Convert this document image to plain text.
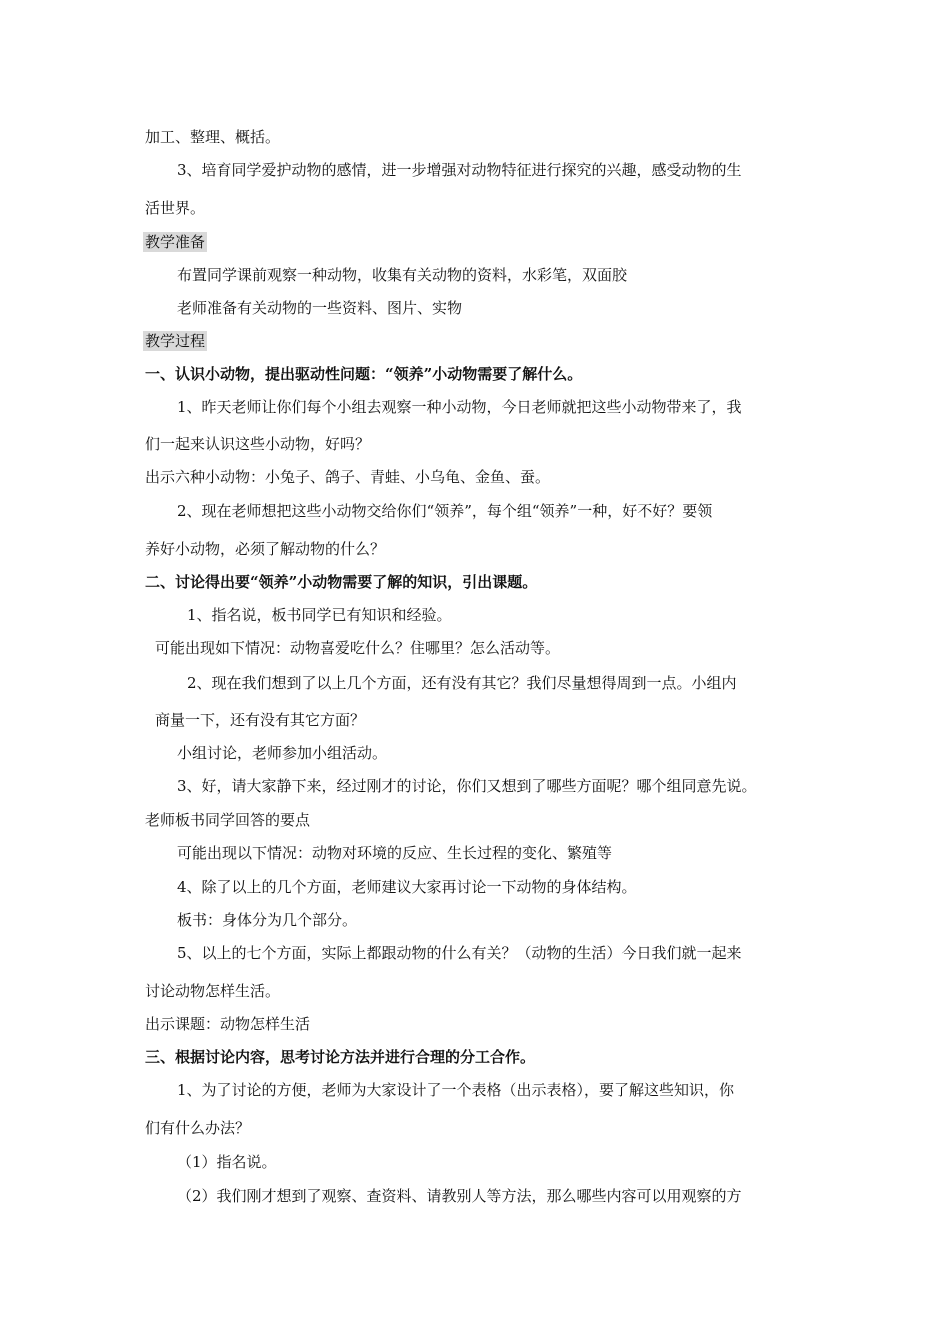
加工、整理、概括。
3、培育同学爱护动物的感情，进一步增强对动物特征进行探究的兴趣，感受动物的生
活世界。
教学准备
布置同学课前观察一种动物，收集有关动物的资料，水彩笔，双面胶
老师准备有关动物的一些资料、图片、实物
教学过程
一、认识小动物，提出驱动性问题：“领养”小动物需要了解什么。
1、昨天老师让你们每个小组去观察一种小动物，今日老师就把这些小动物带来了，我
们一起来认识这些小动物，好吗？
出示六种小动物：小兔子、鸽子、青蛙、小乌龟、金鱼、蚕。
2、现在老师想把这些小动物交给你们“领养”，每个组“领养”一种，好不好？要领
养好小动物，必须了解动物的什么？
二、讨论得出要“领养”小动物需要了解的知识，引出课题。
1、指名说，板书同学已有知识和经验。
可能出现如下情况：动物喜爱吃什么？住哪里？怎么活动等。
2、现在我们想到了以上几个方面，还有没有其它？我们尽量想得周到一点。小组内
商量一下，还有没有其它方面？
小组讨论，老师参加小组活动。
3、好，请大家静下来，经过刚才的讨论，你们又想到了哪些方面呢？哪个组同意先说。
老师板书同学回答的要点
可能出现以下情况：动物对环境的反应、生长过程的变化、繁殖等
4、除了以上的几个方面，老师建议大家再讨论一下动物的身体结构。
板书：身体分为几个部分。
5、以上的七个方面，实际上都跟动物的什么有关？（动物的生活）今日我们就一起来
讨论动物怎样生活。
出示课题：动物怎样生活
三、根据讨论内容，思考讨论方法并进行合理的分工合作。
1、为了讨论的方便，老师为大家设计了一个表格（出示表格），要了解这些知识，你
们有什么办法？
（1）指名说。
（2）我们刚才想到了观察、查资料、请教别人等方法，那么哪些内容可以用观察的方
